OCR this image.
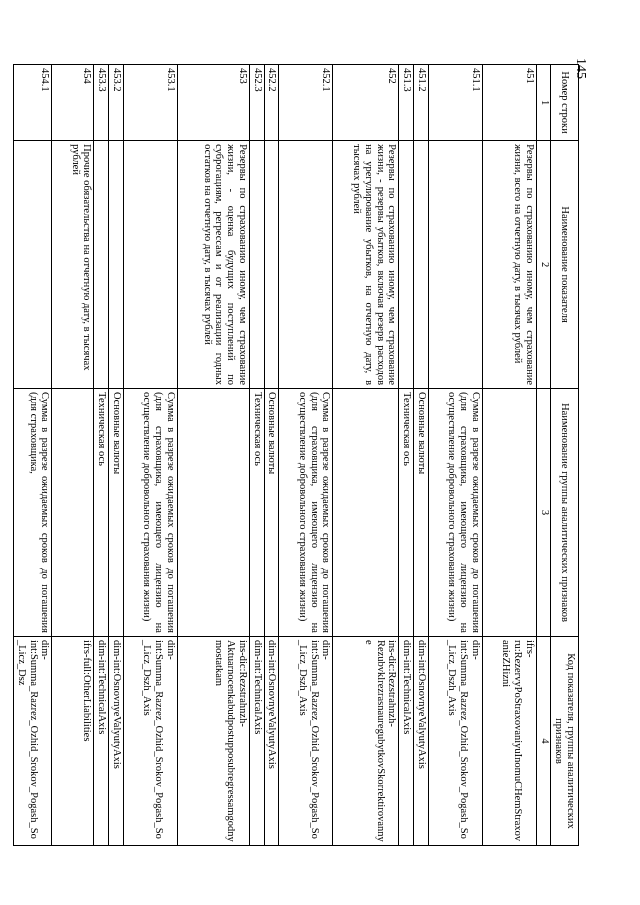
145
Номер строки	Наименование показателя	Наименование группы аналитических признаков	Код показателя, группы аналитических признаков
1	2	3	4
451	Резервы по страхованию иному, чем страхование жизни, всего на отчетную дату, в тысячах рублей		ifrs-ru:RezervyPoStraxovaniyuInomuCHemStraxovanieZHizni
451.1		Сумма в разрезе ожидаемых сроков до погашения (для страховщика, имеющего лицензию на осуществление добровольного страхования жизни)	dim-int:Summa_Razrez_Ozhid_Srokov_Pogash_So_Licz_Dszh_Axis
451.2		Основные валюты	dim-int:OsnovnyeValyutyAxis
451.3		Техническая ось	dim-int:TechnicalAxis
452	Резервы по страхованию иному, чем страхование жизни, - резервы убытков, включая резерв расходов на урегулирование убытков, на отчетную дату, в тысячах рублей		ins-dic:Rezstrahnzh-RezubvklrezrasnauregubytkovSkorrektirovannye
452.1		Сумма в разрезе ожидаемых сроков до погашения (для страховщика, имеющего лицензию на осуществление добровольного страхования жизни)	dim-int:Summa_Razrez_Ozhid_Srokov_Pogash_So_Licz_Dszh_Axis
452.2		Основные валюты	dim-int:OsnovnyeValyutyAxis
452.3		Техническая ось	dim-int:TechnicalAxis
453	Резервы по страхованию иному, чем страхование жизни, - оценка будущих поступлений по суброгациям, регрессам и от реализации годных остатков на отчетную дату, в тысячах рублей		ins-dic:Rezstrahnzh-Aktuarnocenkabudpostupposubregressamgodnymostatkam
453.1		Сумма в разрезе ожидаемых сроков до погашения (для страховщика, имеющего лицензию на осуществление добровольного страхования жизни)	dim-int:Summa_Razrez_Ozhid_Srokov_Pogash_So_Licz_Dszh_Axis
453.2		Основные валюты	dim-int:OsnovnyeValyutyAxis
453.3		Техническая ось	dim-int:TechnicalAxis
454	Прочие обязательства на отчетную дату, в тысячах рублей		ifrs-full:OtherLiabilities
454.1		Сумма в разрезе ожидаемых сроков до погашения (для страховщика,	dim-int:Summa_Razrez_Ozhid_Srokov_Pogash_So_Licz_Dsz
